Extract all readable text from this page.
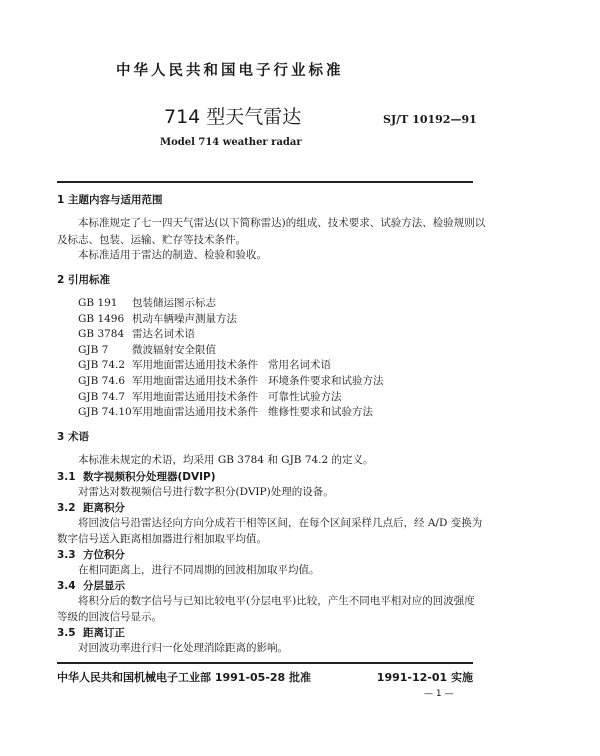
中华人民共和国电子行业标准
714 型天气雷达	SJ/T 10192—91
Model 714 weather radar
1 主题内容与适用范围
本标准规定了七一四天气雷达(以下简称雷达)的组成、技术要求、试验方法、检验规则以
及标志、包装、运输、贮存等技术条件。
本标准适用于雷达的制造、检验和验收。
2 引用标准
GB 191 包装储运图示标志
GB 1496 机动车辆噪声测量方法
GB 3784 雷达名词术语
GJB 7 微波辐射安全限值
GJB 74.2 军用地面雷达通用技术条件 常用名词术语
GJB 74.6 军用地面雷达通用技术条件 环境条件要求和试验方法
GJB 74.7 军用地面雷达通用技术条件 可靠性试验方法
GJB 74.10军用地面雷达通用技术条件 维修性要求和试验方法
3 术语
本标准未规定的术语，均采用 GB 3784 和 GJB 74.2 的定义。
3.1 数字视频积分处理器(DVIP)
对雷达对数视频信号进行数字积分(DVIP)处理的设备。
3.2 距离积分
将回波信号沿雷达径向方向分成若干相等区间，在每个区间采样几点后，经 A/D 变换为
数字信号送入距离相加器进行相加取平均值。
3.3 方位积分
在相同距离上，进行不同周期的回波相加取平均值。
3.4 分层显示
将积分后的数字信号与已知比较电平(分层电平)比较，产生不同电平相对应的回波强度
等级的回波信号显示。
3.5 距离订正
对回波功率进行归一化处理消除距离的影响。
中华人民共和国机械电子工业部 1991-05-28 批准	1991-12-01 实施
— 1 —
